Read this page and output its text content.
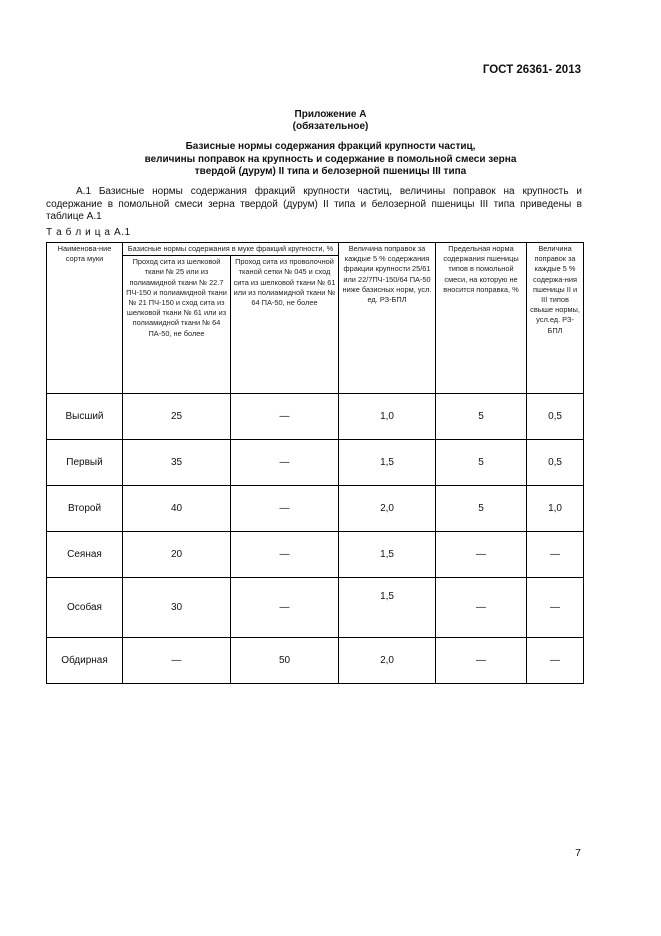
ГОСТ 26361- 2013
Приложение А
(обязательное)
Базисные нормы содержания фракций крупности частиц,
величины поправок на крупность и содержание в помольной смеси зерна
твердой (дурум) II типа и белозерной пшеницы III типа
А.1 Базисные нормы содержания фракций крупности частиц, величины поправок на крупность и содержание в помольной смеси зерна твердой (дурум) II типа и белозерной пшеницы III типа приведены в таблице А.1
Т а б л и ц а А.1
Наименова-ние сорта муки	Базисные нормы содержания в муке фракций крупности, %		Величина поправок за каждые 5 % содержания фракции крупности 25/61 или 22/7ПЧ-150/64 ПА-50 ниже базисных норм, усл. ед. РЗ-БПЛ	Предельная норма содержания пшеницы типов в помольной смеси, на которую не вносится поправка, %	Величина поправок за каждые 5 % содержа-ния пшеницы II и III типов свыше нормы, усл.ед. РЗ- БПЛ
	Проход сита из шелковой ткани № 25 или из полиамидной ткани № 22.7 ПЧ-150 и полиамидной ткани № 21 ПЧ-150 и сход сита из шелковой ткани № 61 или из полиамидной ткани № 64 ПА-50, не более	Проход сита из проволочной тканой сетки № 045 и сход сита из шелковой ткани № 61 или из полиамидной ткани № 64 ПА-50, не более			
Высший	25	—	1,0	5	0,5
Первый	35	—	1,5	5	0,5
Второй	40	—	2,0	5	1,0
Сеяная	20	—	1,5	—	—
Особая	30	—	1,5	—	—
Обдирная	—	50	2,0	—	—
7
